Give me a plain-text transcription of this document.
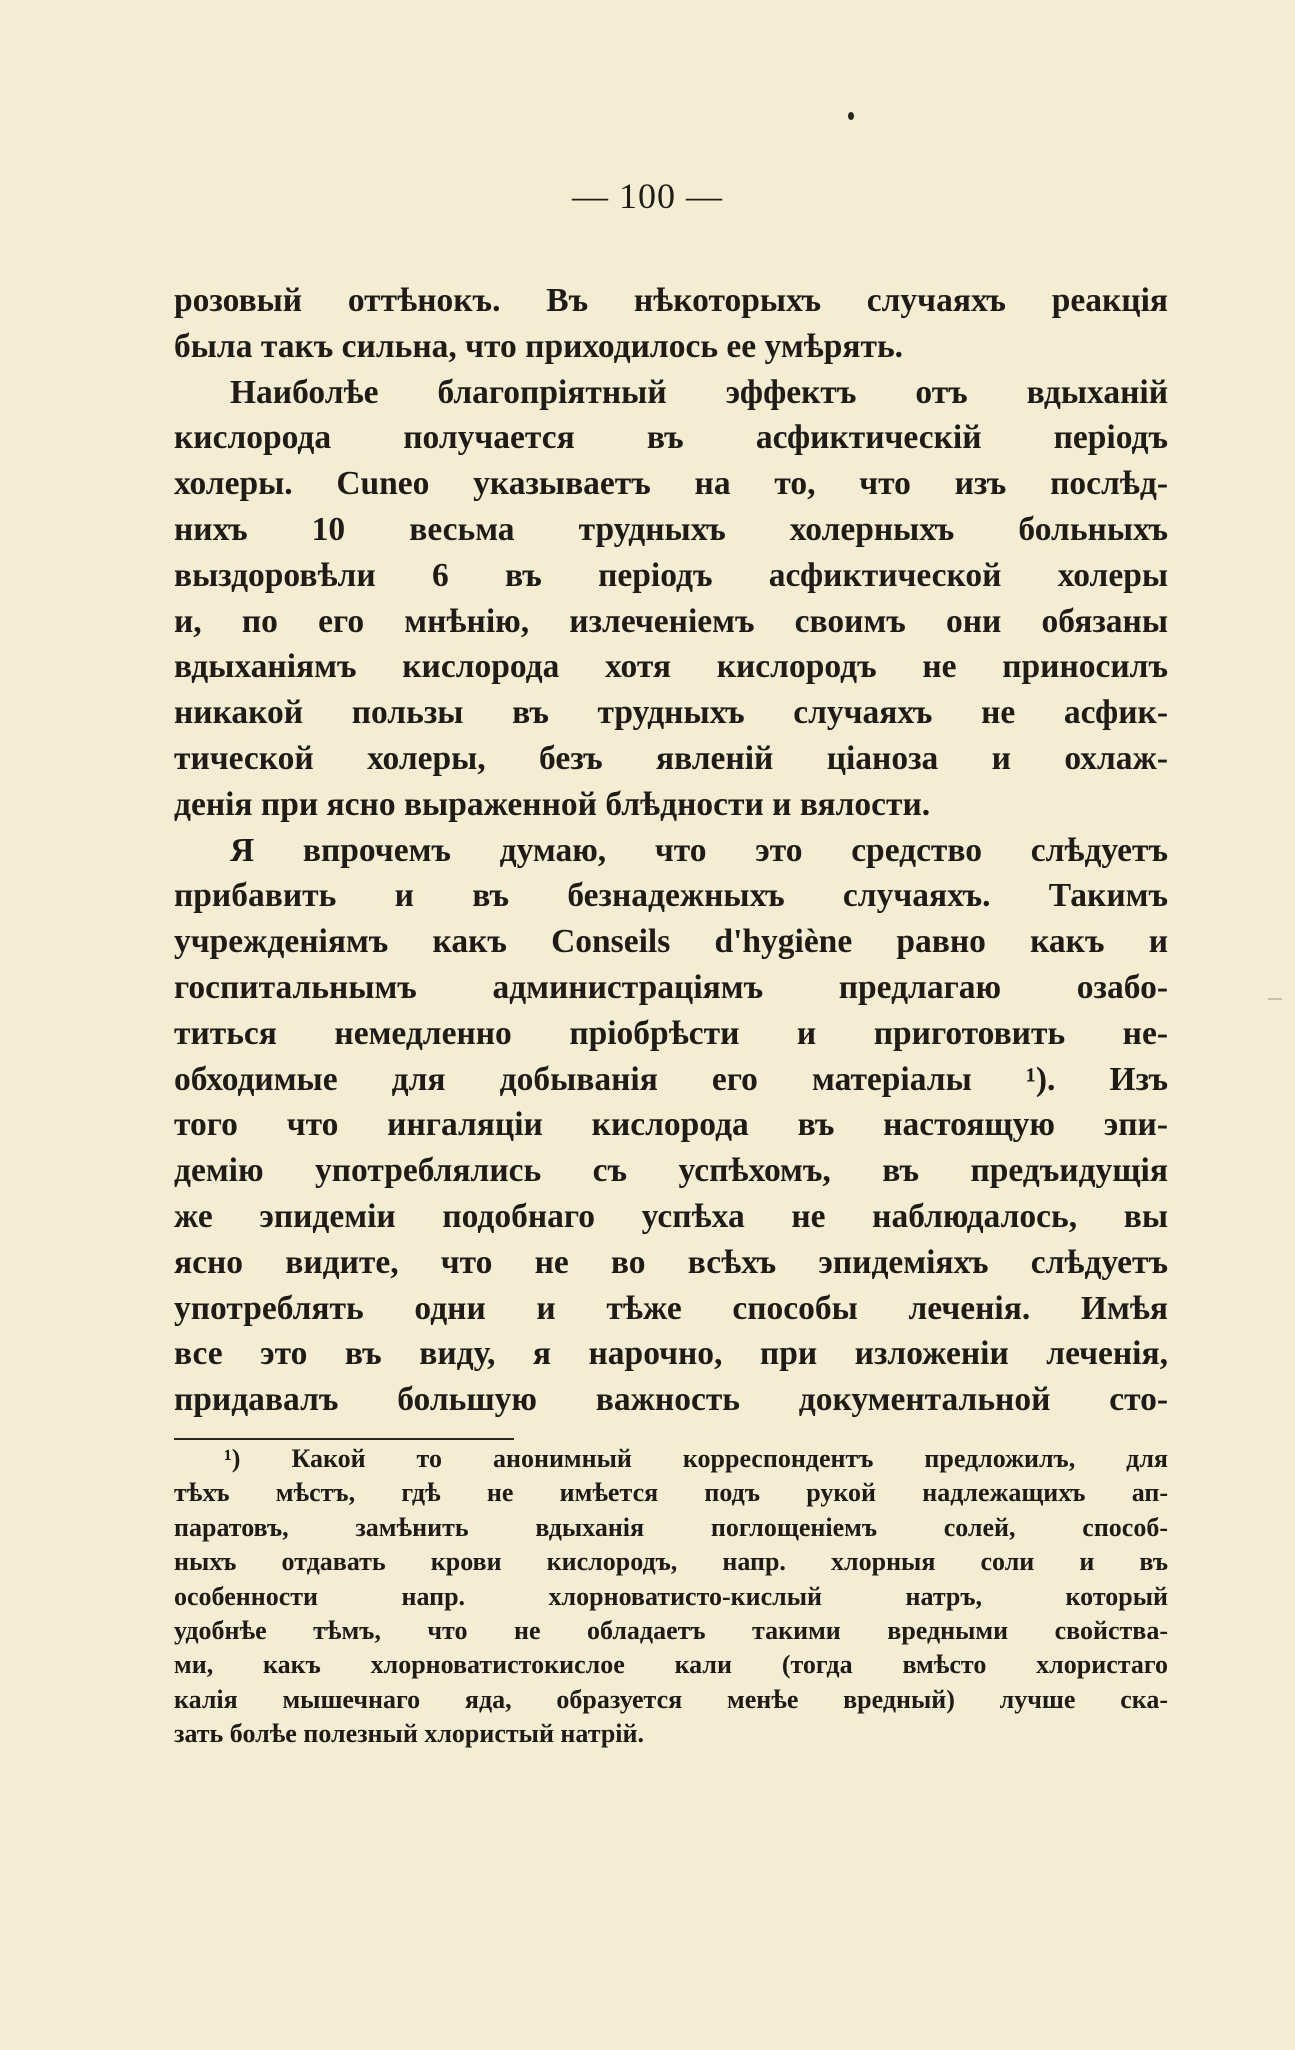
— 100 —
розовый оттѣнокъ. Въ нѣкоторыхъ случаяхъ реакція
была такъ сильна, что приходилось ее умѣрять.
Наиболѣе благопріятный эффектъ отъ вдыханій
кислорода получается въ асфиктическій періодъ
холеры. Cuneo указываетъ на то, что изъ послѣд-
нихъ 10 весьма трудныхъ холерныхъ больныхъ
выздоровѣли 6 въ періодъ асфиктической холеры
и, по его мнѣнію, излеченіемъ своимъ они обязаны
вдыханіямъ кислорода хотя кислородъ не приносилъ
никакой пользы въ трудныхъ случаяхъ не асфик-
тической холеры, безъ явленій ціаноза и охлаж-
денія при ясно выраженной блѣдности и вялости.
Я впрочемъ думаю, что это средство слѣдуетъ
прибавить и въ безнадежныхъ случаяхъ. Такимъ
учрежденіямъ какъ Conseils d'hygiène равно какъ и
госпитальнымъ администраціямъ предлагаю озабо-
титься немедленно пріобрѣсти и приготовить не-
обходимые для добыванія его матеріалы ¹). Изъ
того что ингаляціи кислорода въ настоящую эпи-
демію употреблялись съ успѣхомъ, въ предъидущія
же эпидеміи подобнаго успѣха не наблюдалось, вы
ясно видите, что не во всѣхъ эпидеміяхъ слѣдуетъ
употреблять одни и тѣже способы леченія. Имѣя
все это въ виду, я нарочно, при изложеніи леченія,
придавалъ большую важность документальной сто-
¹) Какой то анонимный корреспондентъ предложилъ, для
тѣхъ мѣстъ, гдѣ не имѣется подъ рукой надлежащихъ ап-
паратовъ, замѣнить вдыханія поглощеніемъ солей, способ-
ныхъ отдавать крови кислородъ, напр. хлорныя соли и въ
особенности напр. хлорноватисто-кислый натръ, который
удобнѣе тѣмъ, что не обладаетъ такими вредными свойства-
ми, какъ хлорноватистокислое кали (тогда вмѣсто хлористаго
калія мышечнаго яда, образуется менѣе вредный) лучше ска-
зать болѣе полезный хлористый натрій.
